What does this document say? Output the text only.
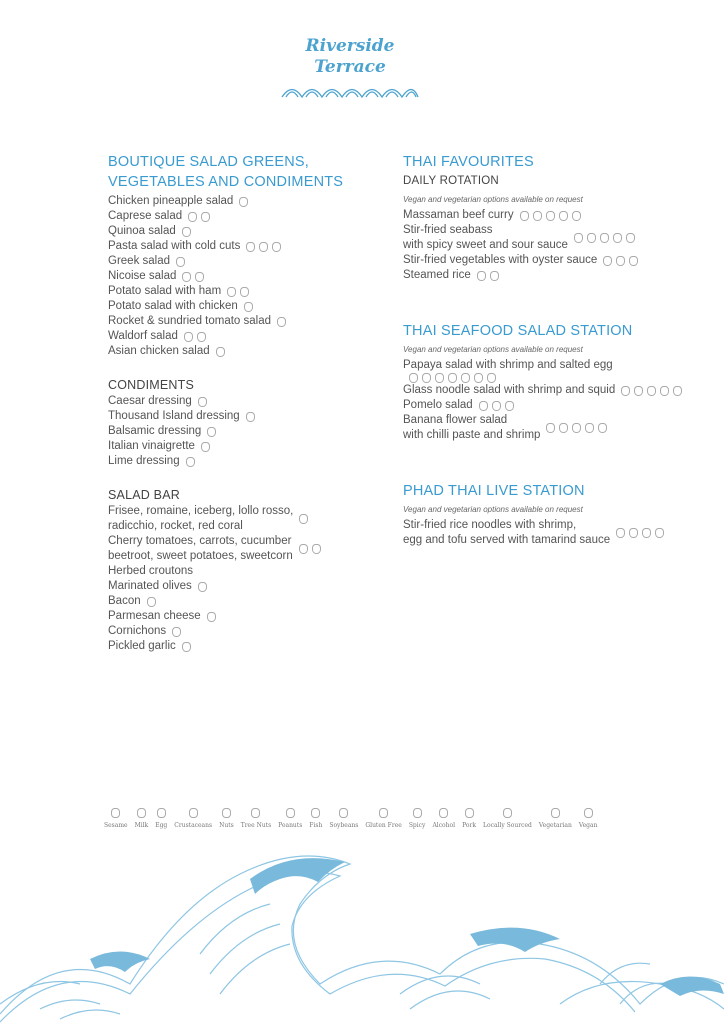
Riverside
Terrace
BOUTIQUE SALAD GREENS,
VEGETABLES AND CONDIMENTS
Chicken pineapple salad
Caprese salad
Quinoa salad
Pasta salad with cold cuts
Greek salad
Nicoise salad
Potato salad with ham
Potato salad with chicken
Rocket & sundried tomato salad
Waldorf salad
Asian chicken salad
CONDIMENTS
Caesar dressing
Thousand Island dressing
Balsamic dressing
Italian vinaigrette
Lime dressing
SALAD BAR
Frisee, romaine, iceberg, lollo rosso,
radicchio, rocket, red coral
Cherry tomatoes, carrots, cucumber
beetroot, sweet potatoes, sweetcorn
Herbed croutons
Marinated olives
Bacon
Parmesan cheese
Cornichons
Pickled garlic
THAI FAVOURITES
DAILY ROTATION
Vegan and vegetarian options available on request
Massaman beef curry
Stir-fried seabass
with spicy sweet and sour sauce
Stir-fried vegetables with oyster sauce
Steamed rice
THAI SEAFOOD SALAD STATION
Vegan and vegetarian options available on request
Papaya salad with shrimp and salted egg
Glass noodle salad with shrimp and squid
Pomelo salad
Banana flower salad
with chilli paste and shrimp
PHAD THAI LIVE STATION
Vegan and vegetarian options available on request
Stir-fried rice noodles with shrimp,
egg and tofu served with tamarind sauce
Sesame Milk Egg Crustaceans Nuts Tree Nuts Peanuts Fish Soybeans Gluten Free Spicy Alcohol Pork Locally Sourced Vegetarian Vegan
